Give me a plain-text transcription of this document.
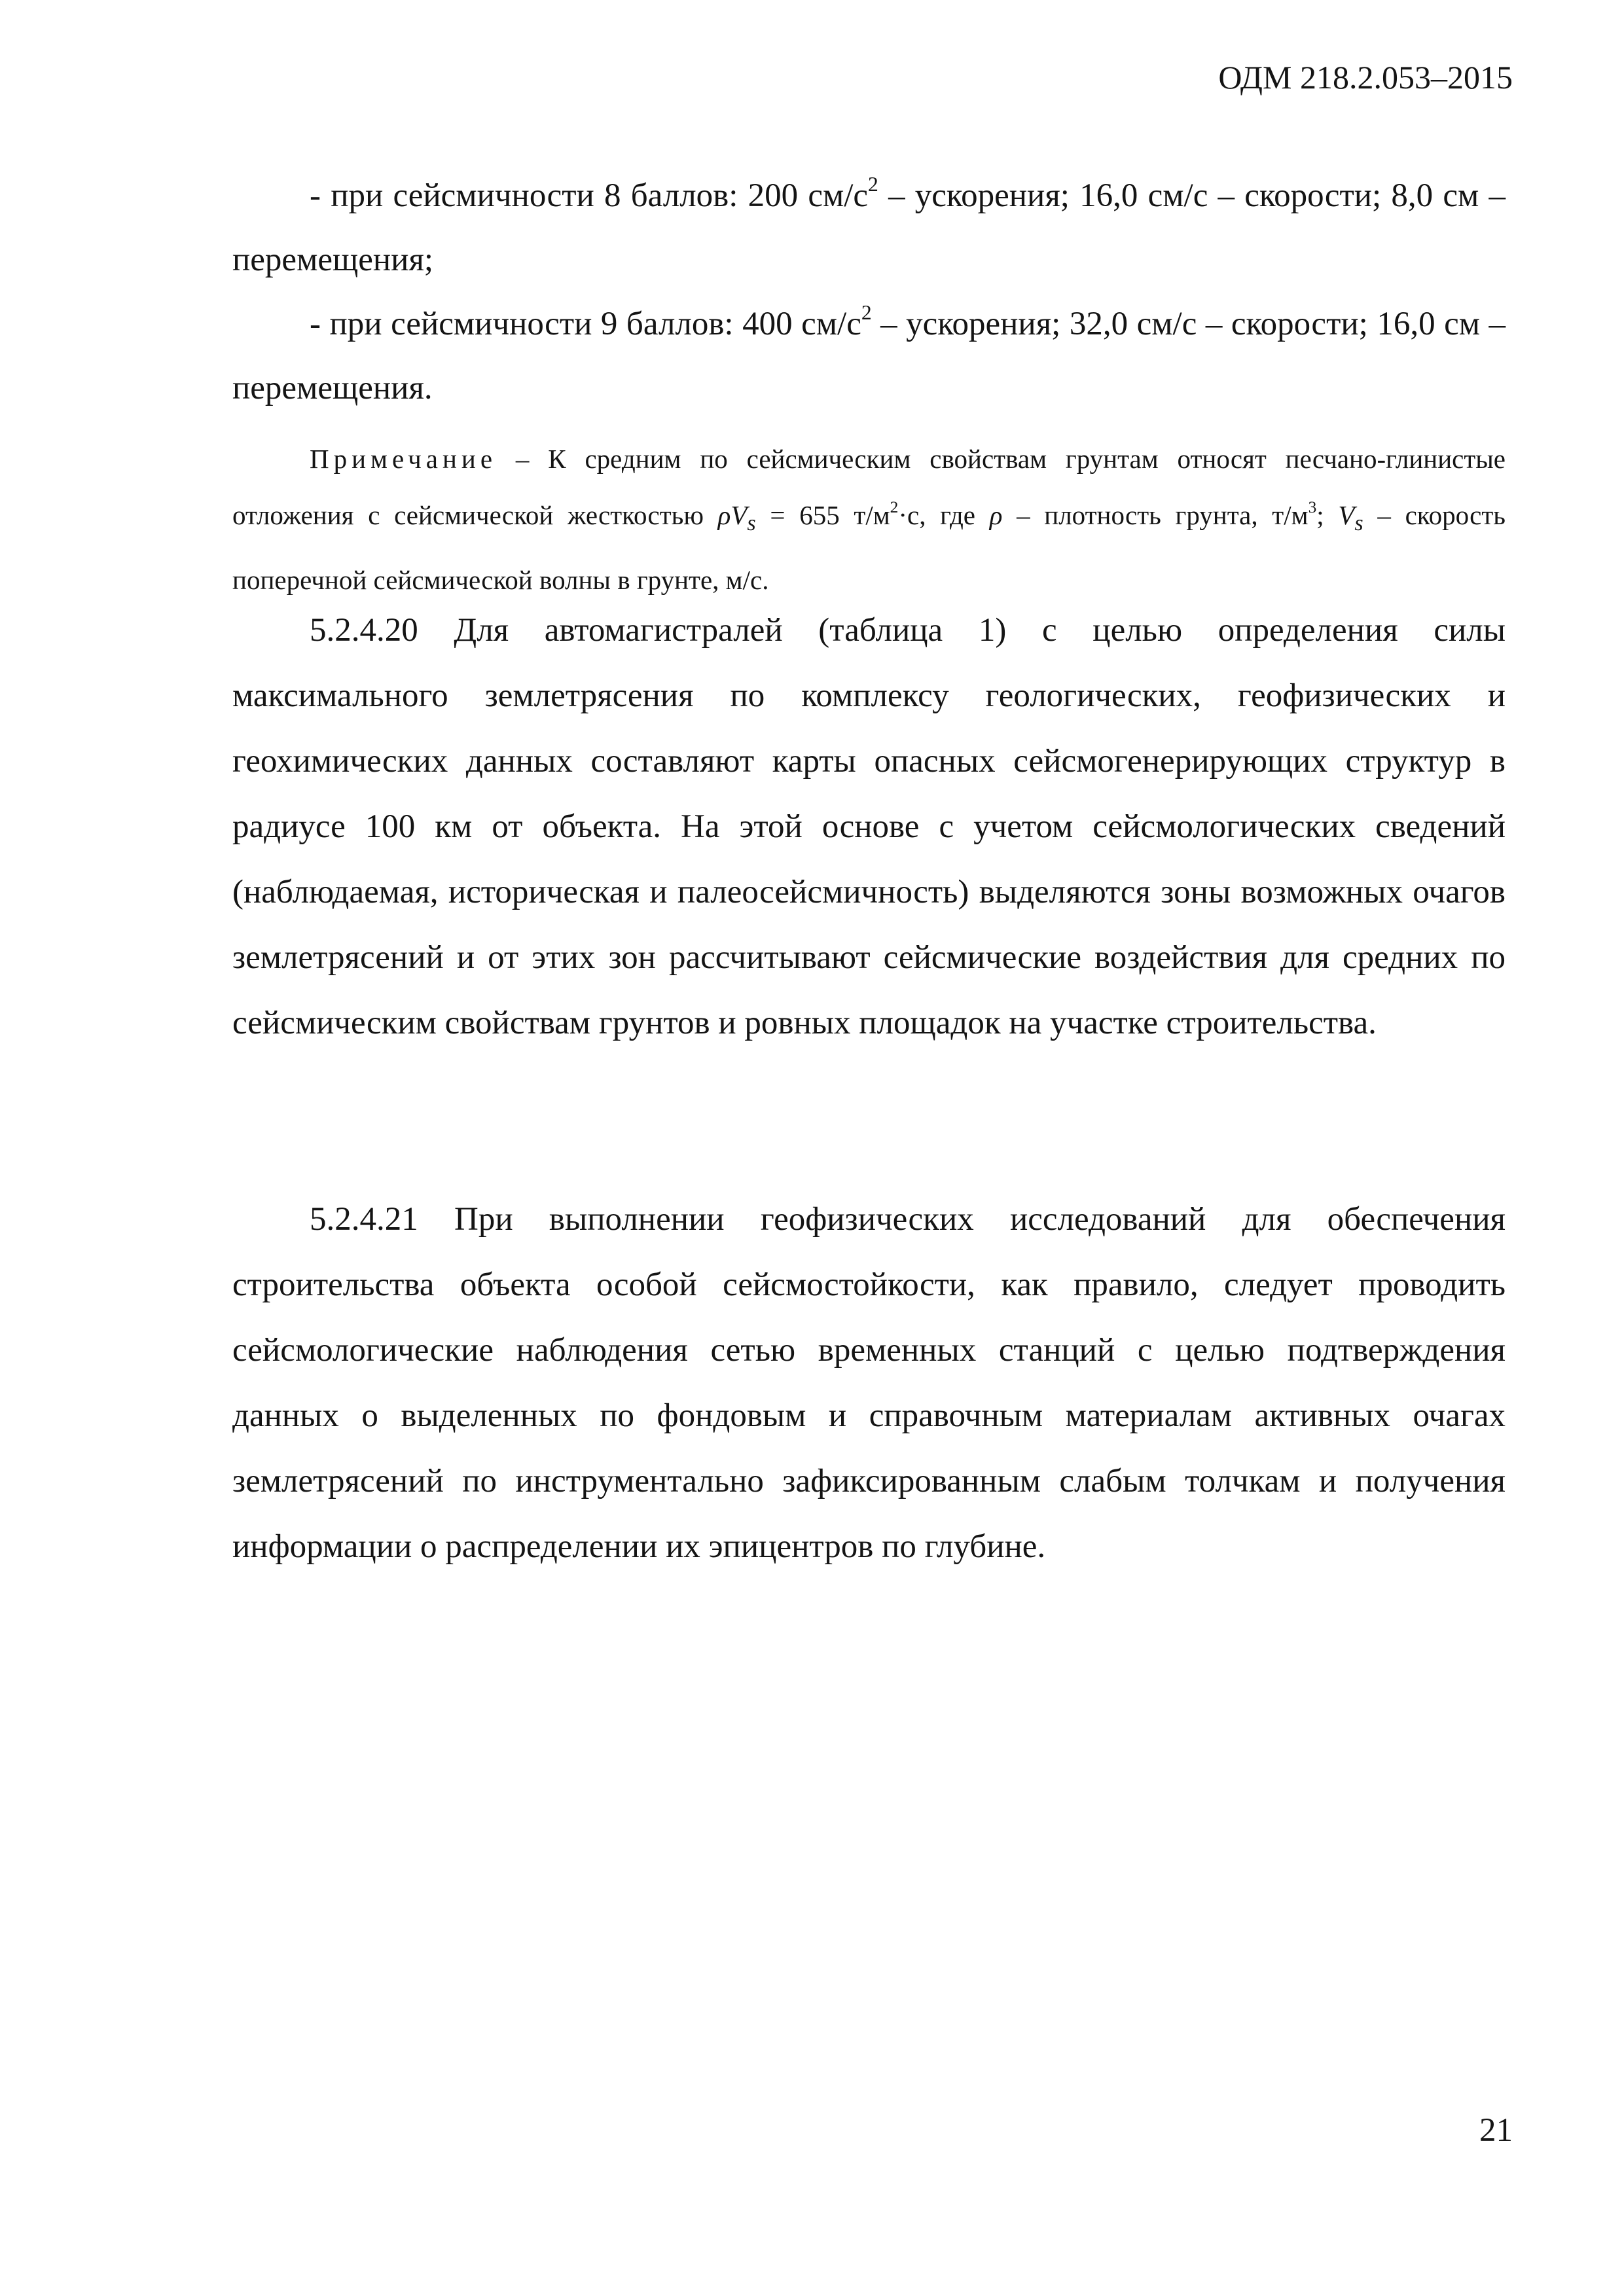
ОДМ 218.2.053–2015

- при сейсмичности 8 баллов: 200 $см/с^2$ – ускорения; 16,0 см/с – скорости; 8,0 см – перемещения;

- при сейсмичности 9 баллов: 400 $см/с^2$ – ускорения; 32,0 см/с – скорости; 16,0 см – перемещения.

Примечание – К средним по сейсмическим свойствам грунтам относят песчано-глинистые отложения с сейсмической жесткостью $\rho V_s = 655$ $т/м^2\cdot с$, где ρ – плотность грунта, $т/м^3$; $V_s$ – скорость поперечной сейсмической волны в грунте, м/с.

5.2.4.20 Для автомагистралей (таблица 1) с целью определения силы максимального землетрясения по комплексу геологических, геофизических и геохимических данных составляют карты опасных сейсмогенерирующих структур в радиусе 100 км от объекта. На этой основе с учетом сейсмологических сведений (наблюдаемая, историческая и палеосейсмичность) выделяются зоны возможных очагов землетрясений и от этих зон рассчитывают сейсмические воздействия для средних по сейсмическим свойствам грунтов и ровных площадок на участке строительства.

5.2.4.21 При выполнении геофизических исследований для обеспечения строительства объекта особой сейсмостойкости, как правило, следует проводить сейсмологические наблюдения сетью временных станций с целью подтверждения данных о выделенных по фондовым и справочным материалам активных очагах землетрясений по инструментально зафиксированным слабым толчкам и получения информации о распределении их эпицентров по глубине.

21
